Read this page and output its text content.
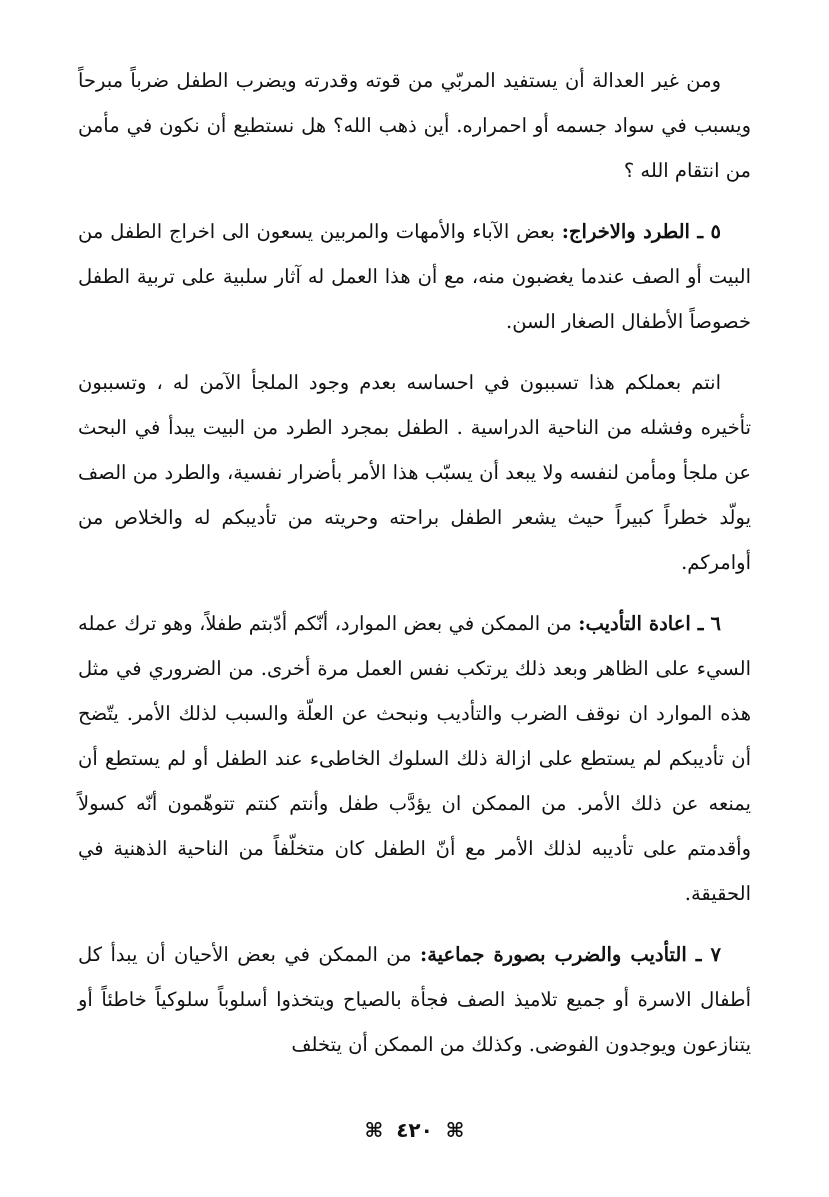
ومن غير العدالة أن يستفيد المربّي من قوته وقدرته ويضرب الطفل ضرباً مبرحاً ويسبب في سواد جسمه أو احمراره. أين ذهب الله؟ هل نستطيع أن نكون في مأمن من انتقام الله ؟

٥ ـ الطرد والاخراج: بعض الآباء والأمهات والمربين يسعون الى اخراج الطفل من البيت أو الصف عندما يغضبون منه، مع أن هذا العمل له آثار سلبية على تربية الطفل خصوصاً الأطفال الصغار السن.

انتم بعملكم هذا تسببون في احساسه بعدم وجود الملجأ الآمن له ، وتسببون تأخيره وفشله من الناحية الدراسية . الطفل بمجرد الطرد من البيت يبدأ في البحث عن ملجأ ومأمن لنفسه ولا يبعد أن يسبّب هذا الأمر بأضرار نفسية، والطرد من الصف يولّد خطراً كبيراً حيث يشعر الطفل براحته وحريته من تأديبكم له والخلاص من أوامركم.

٦ ـ اعادة التأديب: من الممكن في بعض الموارد، أنّكم أدّبتم طفلاً، وهو ترك عمله السيء على الظاهر وبعد ذلك يرتكب نفس العمل مرة أخرى. من الضروري في مثل هذه الموارد ان نوقف الضرب والتأديب ونبحث عن العلّة والسبب لذلك الأمر. يتّضح أن تأديبكم لم يستطع على ازالة ذلك السلوك الخاطىء عند الطفل أو لم يستطع أن يمنعه عن ذلك الأمر. من الممكن ان يؤدَّب طفل وأنتم كنتم تتوهّمون أنّه كسولاً وأقدمتم على تأديبه لذلك الأمر مع أنّ الطفل كان متخلّفاً من الناحية الذهنية في الحقيقة.

٧ ـ التأديب والضرب بصورة جماعية: من الممكن في بعض الأحيان أن يبدأ كل أطفال الاسرة أو جميع تلاميذ الصف فجأة بالصياح ويتخذوا أسلوباً سلوكياً خاطئاً أو يتنازعون ويوجدون الفوضى. وكذلك من الممكن أن يتخلف

⌘ ٤٢٠ ⌘
